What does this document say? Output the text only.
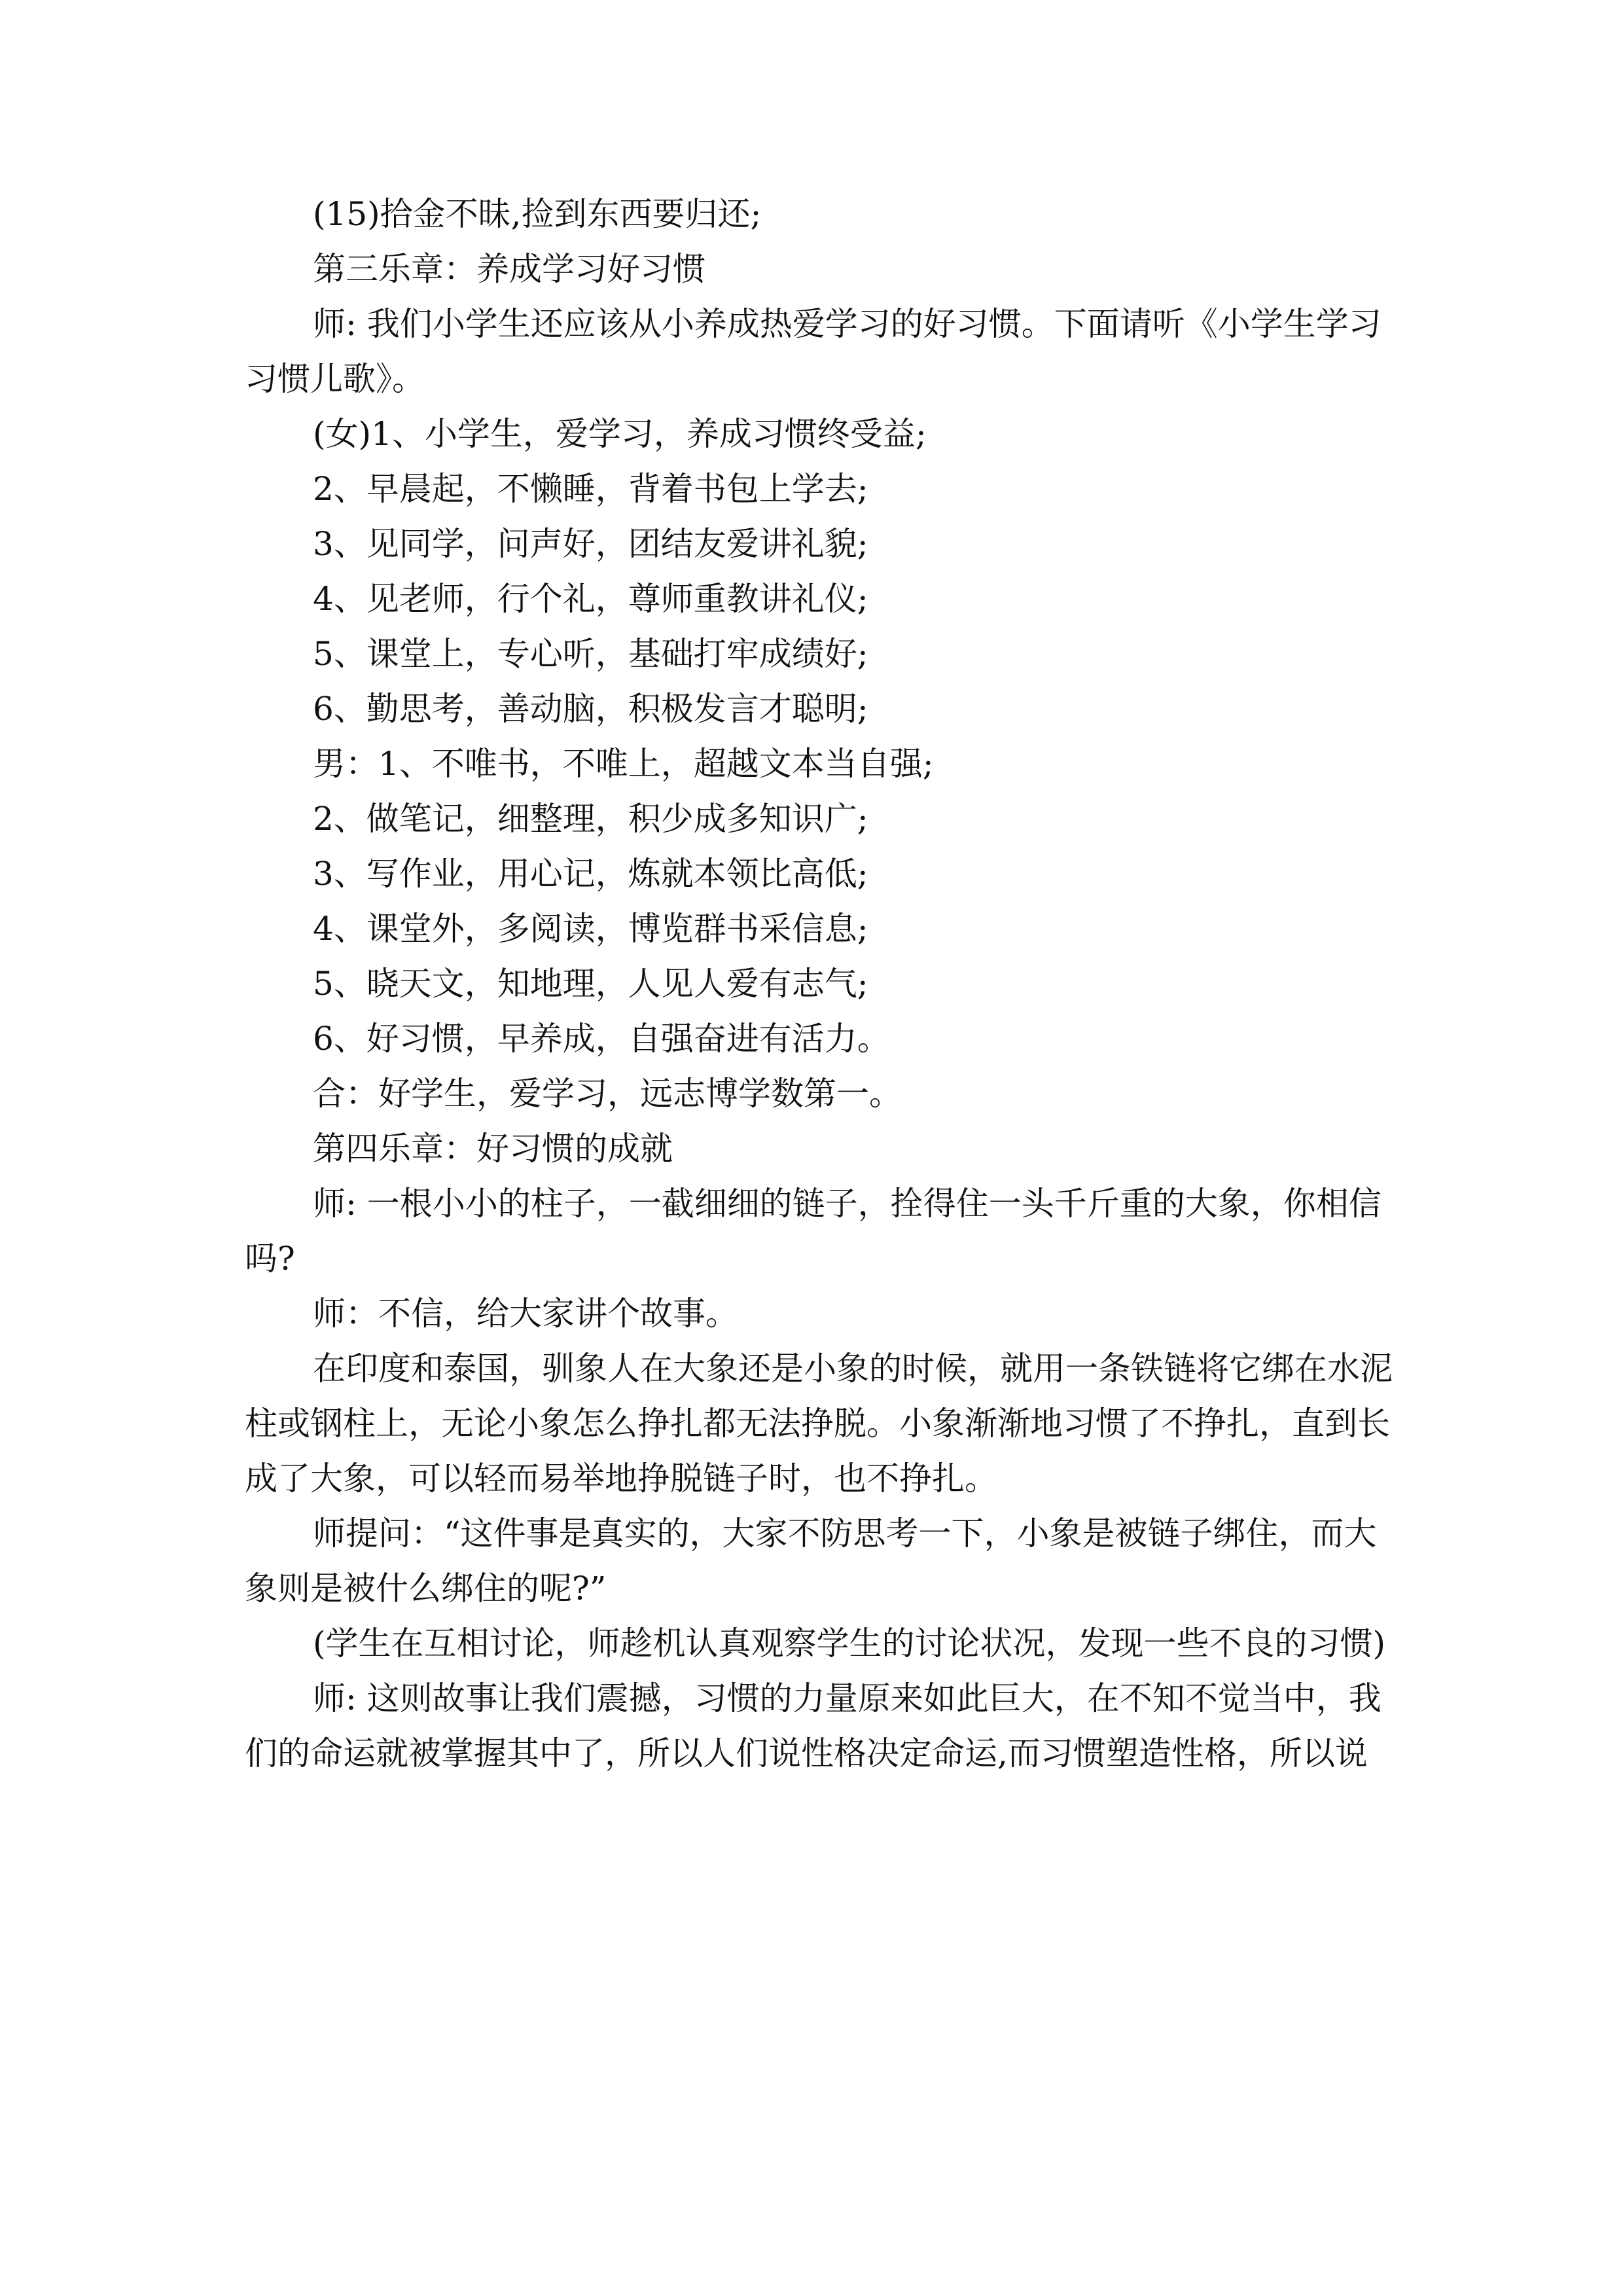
(15)拾金不昧,捡到东西要归还;
第三乐章：养成学习好习惯
师: 我们小学生还应该从小养成热爱学习的好习惯。下面请听《小学生学习
习惯儿歌》。
(女)1、小学生，爱学习，养成习惯终受益;
2、早晨起，不懒睡，背着书包上学去;
3、见同学，问声好，团结友爱讲礼貌;
4、见老师，行个礼，尊师重教讲礼仪;
5、课堂上，专心听，基础打牢成绩好;
6、勤思考，善动脑，积极发言才聪明;
男：1、不唯书，不唯上，超越文本当自强;
2、做笔记，细整理，积少成多知识广;
3、写作业，用心记，炼就本领比高低;
4、课堂外，多阅读，博览群书采信息;
5、晓天文，知地理，人见人爱有志气;
6、好习惯，早养成，自强奋进有活力。
合：好学生，爱学习，远志博学数第一。
第四乐章：好习惯的成就
师: 一根小小的柱子，一截细细的链子，拴得住一头千斤重的大象，你相信
吗?
师：不信，给大家讲个故事。
在印度和泰国，驯象人在大象还是小象的时候，就用一条铁链将它绑在水泥
柱或钢柱上，无论小象怎么挣扎都无法挣脱。小象渐渐地习惯了不挣扎，直到长
成了大象，可以轻而易举地挣脱链子时，也不挣扎。
师提问：“这件事是真实的，大家不防思考一下，小象是被链子绑住，而大
象则是被什么绑住的呢?”
(学生在互相讨论，师趁机认真观察学生的讨论状况，发现一些不良的习惯)
师: 这则故事让我们震撼，习惯的力量原来如此巨大，在不知不觉当中，我
们的命运就被掌握其中了，所以人们说性格决定命运,而习惯塑造性格，所以说
